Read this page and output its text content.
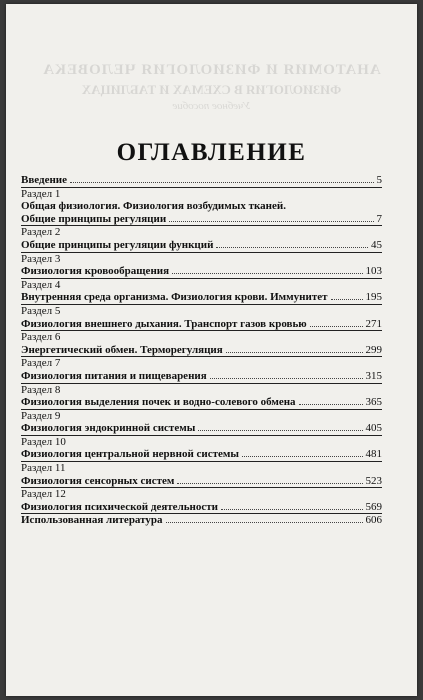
АНАТОМИЯ И ФИЗИОЛОГИЯ ЧЕЛОВЕКА
ФИЗИОЛОГИЯ В СХЕМАХ И ТАБЛИЦАХ
Учебное пособие
ОГЛАВЛЕНИЕ
Введение	5
Раздел 1
Общая физиология. Физиология возбудимых тканей.
Общие принципы регуляции	7
Раздел 2
Общие принципы регуляции функций	45
Раздел 3
Физиология кровообращения	103
Раздел 4
Внутренняя среда организма. Физиология крови. Иммунитет	195
Раздел 5
Физиология внешнего дыхания. Транспорт газов кровью	271
Раздел 6
Энергетический обмен. Терморегуляция	299
Раздел 7
Физиология питания и пищеварения	315
Раздел 8
Физиология выделения почек и водно-солевого обмена	365
Раздел 9
Физиология эндокринной системы	405
Раздел 10
Физиология центральной нервной системы	481
Раздел 11
Физиология сенсорных систем	523
Раздел 12
Физиология психической деятельности	569
Использованная литература	606
